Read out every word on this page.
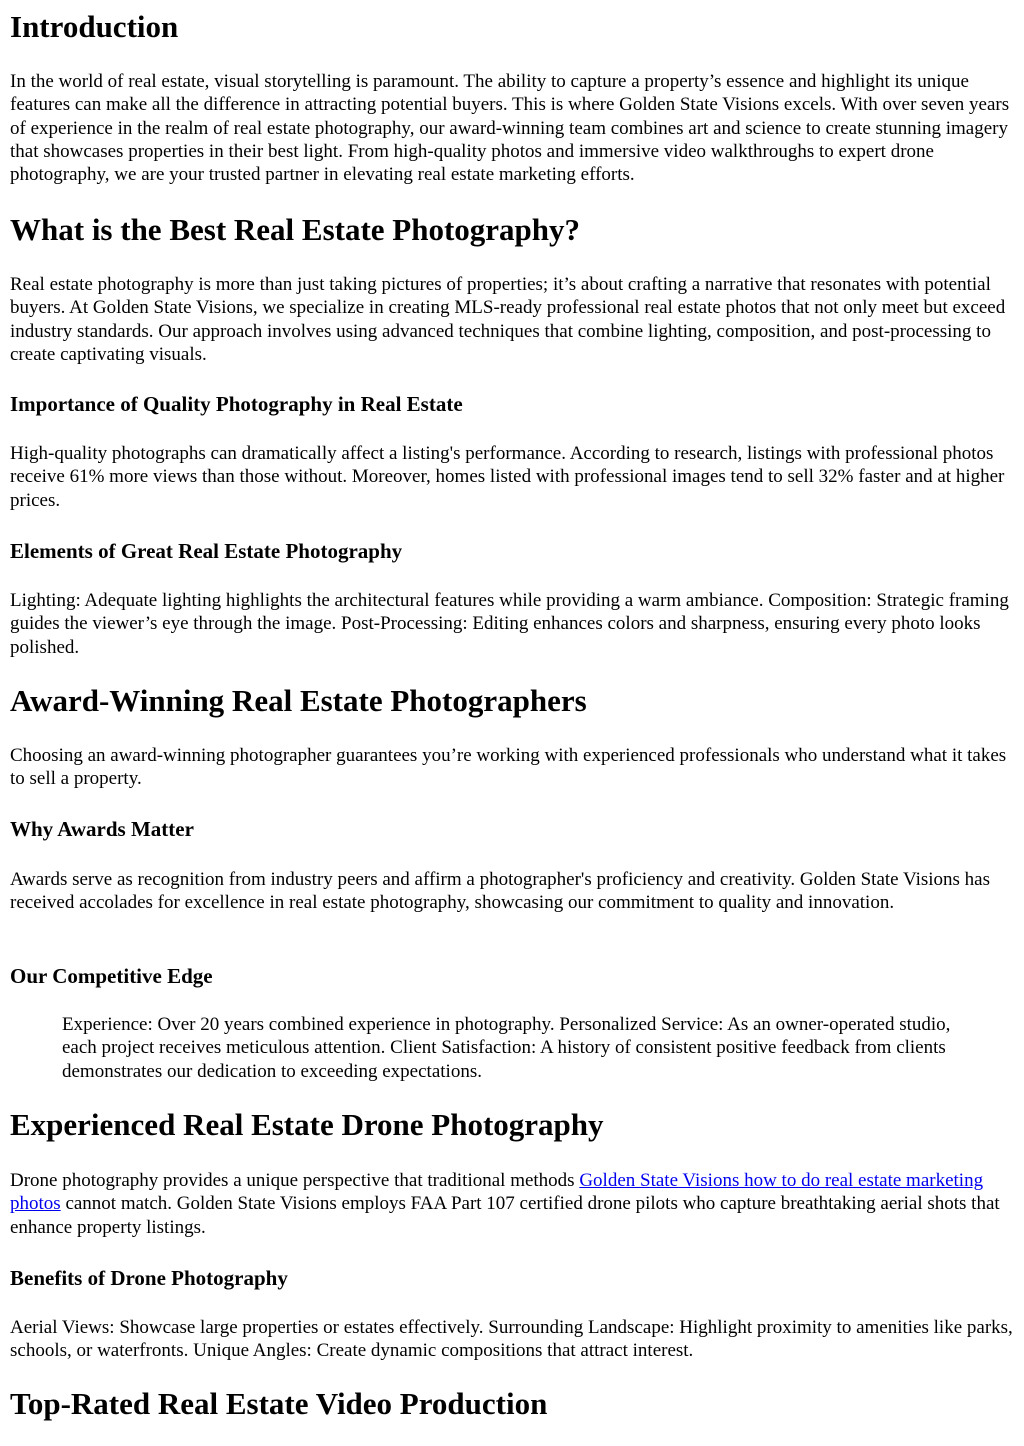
Introduction

In the world of real estate, visual storytelling is paramount. The ability to capture a property’s essence and highlight its unique features can make all the difference in attracting potential buyers. This is where Golden State Visions excels. With over seven years of experience in the realm of real estate photography, our award-winning team combines art and science to create stunning imagery that showcases properties in their best light. From high-quality photos and immersive video walkthroughs to expert drone photography, we are your trusted partner in elevating real estate marketing efforts.

What is the Best Real Estate Photography?

Real estate photography is more than just taking pictures of properties; it’s about crafting a narrative that resonates with potential buyers. At Golden State Visions, we specialize in creating MLS-ready professional real estate photos that not only meet but exceed industry standards. Our approach involves using advanced techniques that combine lighting, composition, and post-processing to create captivating visuals.

Importance of Quality Photography in Real Estate

High-quality photographs can dramatically affect a listing's performance. According to research, listings with professional photos receive 61% more views than those without. Moreover, homes listed with professional images tend to sell 32% faster and at higher prices.

Elements of Great Real Estate Photography

Lighting: Adequate lighting highlights the architectural features while providing a warm ambiance. Composition: Strategic framing guides the viewer’s eye through the image. Post-Processing: Editing enhances colors and sharpness, ensuring every photo looks polished.

Award-Winning Real Estate Photographers

Choosing an award-winning photographer guarantees you’re working with experienced professionals who understand what it takes to sell a property.

Why Awards Matter

Awards serve as recognition from industry peers and affirm a photographer's proficiency and creativity. Golden State Visions has received accolades for excellence in real estate photography, showcasing our commitment to quality and innovation.

Our Competitive Edge
Experience: Over 20 years combined experience in photography. Personalized Service: As an owner-operated studio, each project receives meticulous attention. Client Satisfaction: A history of consistent positive feedback from clients demonstrates our dedication to exceeding expectations.
Experienced Real Estate Drone Photography

Drone photography provides a unique perspective that traditional methods Golden State Visions how to do real estate marketing photos cannot match. Golden State Visions employs FAA Part 107 certified drone pilots who capture breathtaking aerial shots that enhance property listings.

Benefits of Drone Photography

Aerial Views: Showcase large properties or estates effectively. Surrounding Landscape: Highlight proximity to amenities like parks, schools, or waterfronts. Unique Angles: Create dynamic compositions that attract interest.

Top-Rated Real Estate Video Production
